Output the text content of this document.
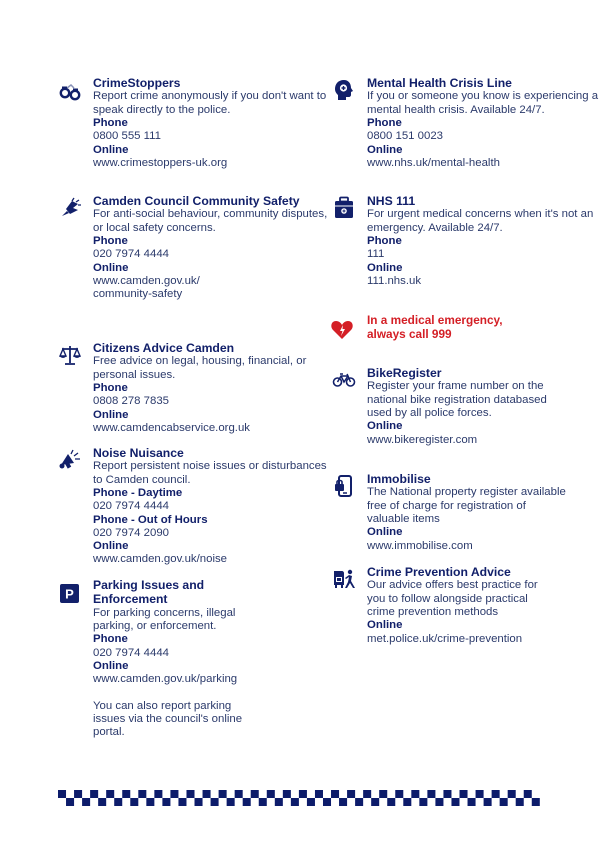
CrimeStoppers
Report crime anonymously if you don't want to speak directly to the police.
Phone
0800 555 111
Online
www.crimestoppers-uk.org
Camden Council Community Safety
For anti-social behaviour, community disputes, or local safety concerns.
Phone
020 7974 4444
Online
www.camden.gov.uk/ community-safety
Citizens Advice Camden
Free advice on legal, housing, financial, or personal issues.
Phone
0808 278 7835
Online
www.camdencabservice.org.uk
Noise Nuisance
Report persistent noise issues or disturbances to Camden council.
Phone - Daytime
020 7974 4444
Phone - Out of Hours
020 7974 2090
Online
www.camden.gov.uk/noise
P
Parking Issues and Enforcement
For parking concerns, illegal parking, or enforcement.
Phone
020 7974 4444
Online
www.camden.gov.uk/parking
You can also report parking issues via the council's online portal.
Mental Health Crisis Line
If you or someone you know is experiencing a mental health crisis. Available 24/7.
Phone
0800 151 0023
Online
www.nhs.uk/mental-health
NHS 111
For urgent medical concerns when it's not an emergency. Available 24/7.
Phone
111
Online
111.nhs.uk
In a medical emergency, always call 999
BikeRegister
Register your frame number on the national bike registration databased used by all police forces.
Online
www.bikeregister.com
Immobilise
The National property register available free of charge for registration of valuable items
Online
www.immobilise.com
Crime Prevention Advice
Our advice offers best practice for you to follow alongside practical crime prevention methods
Online
met.police.uk/crime-prevention
